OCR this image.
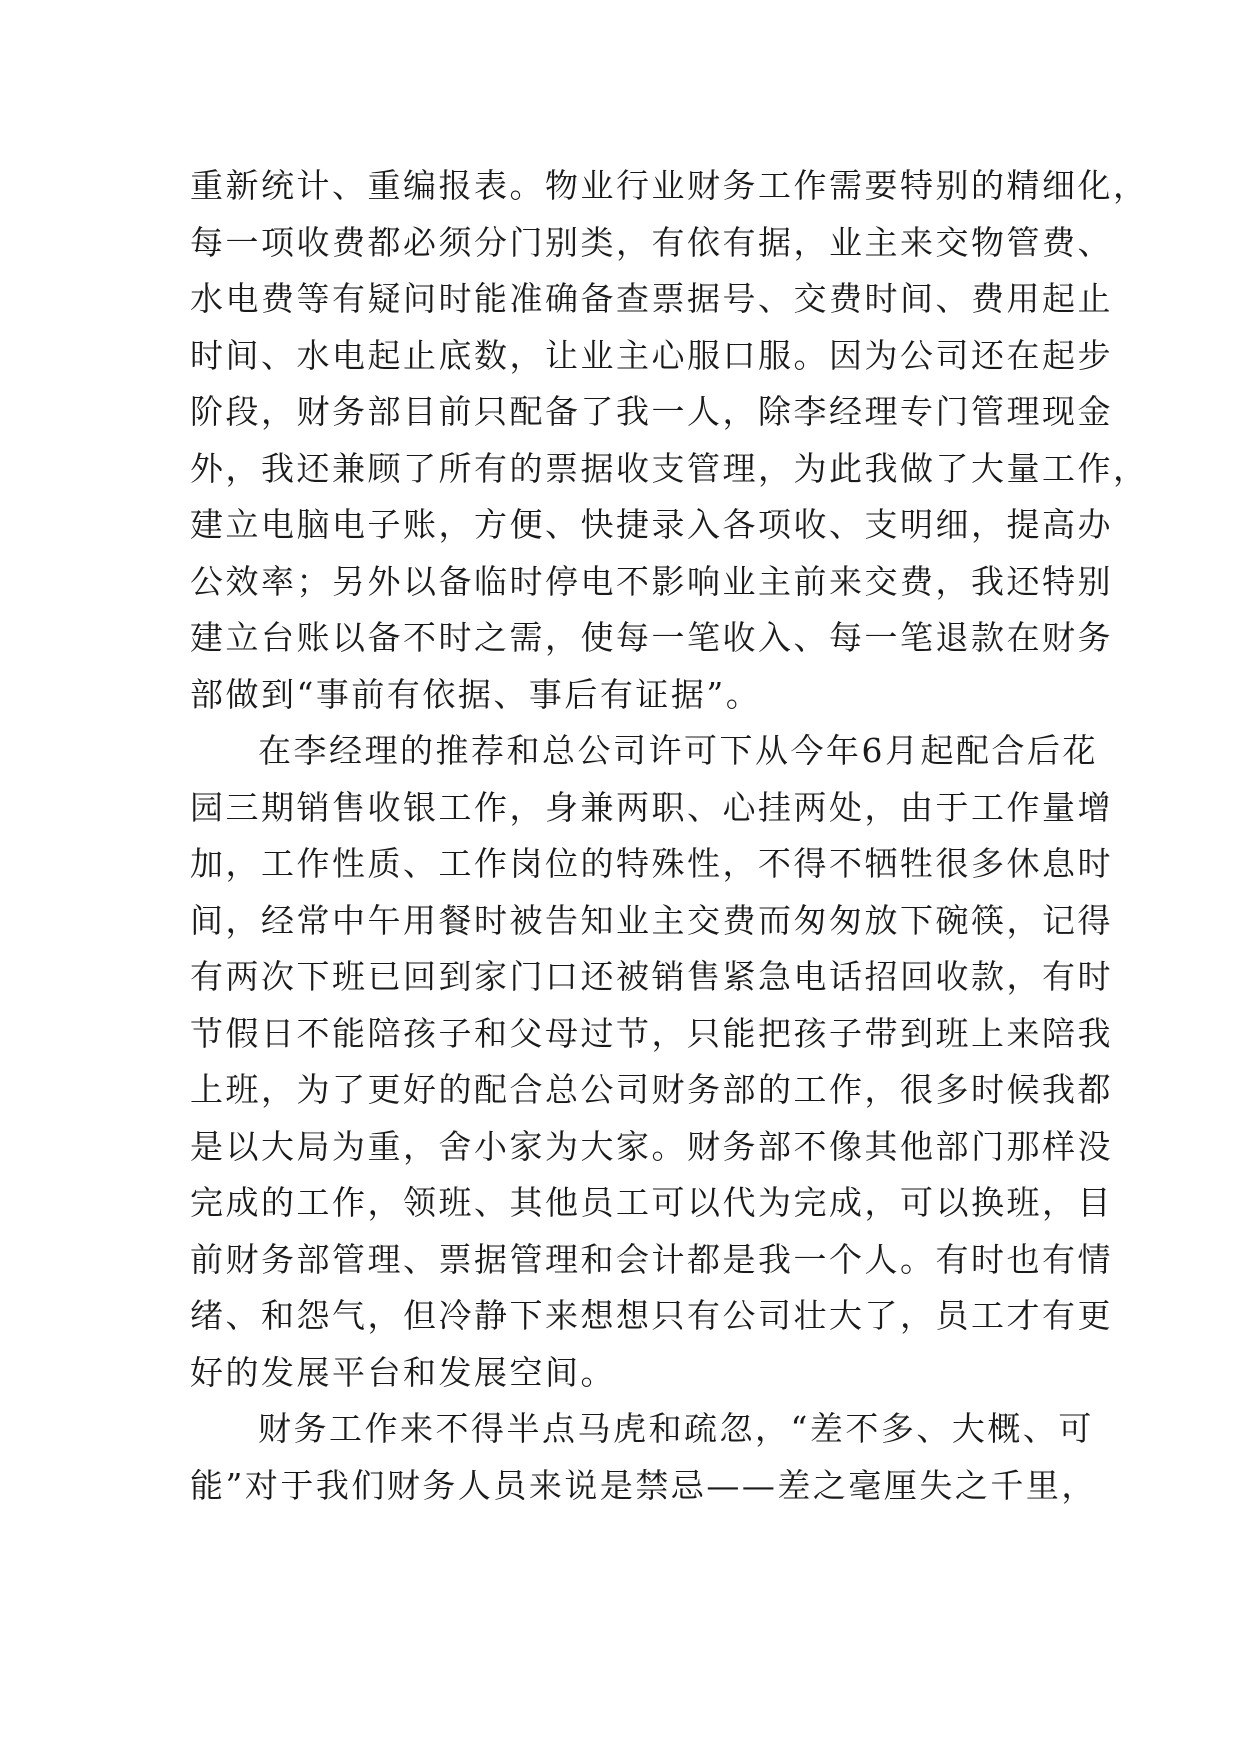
重新统计、重编报表。物业行业财务工作需要特别的精细化，
每一项收费都必须分门别类，有依有据，业主来交物管费、
水电费等有疑问时能准确备查票据号、交费时间、费用起止
时间、水电起止底数，让业主心服口服。因为公司还在起步
阶段，财务部目前只配备了我一人，除李经理专门管理现金
外，我还兼顾了所有的票据收支管理，为此我做了大量工作，
建立电脑电子账，方便、快捷录入各项收、支明细，提高办
公效率；另外以备临时停电不影响业主前来交费，我还特别
建立台账以备不时之需，使每一笔收入、每一笔退款在财务
部做到“事前有依据、事后有证据”。
在李经理的推荐和总公司许可下从今年6月起配合后花
园三期销售收银工作，身兼两职、心挂两处，由于工作量增
加，工作性质、工作岗位的特殊性，不得不牺牲很多休息时
间，经常中午用餐时被告知业主交费而匆匆放下碗筷，记得
有两次下班已回到家门口还被销售紧急电话招回收款，有时
节假日不能陪孩子和父母过节，只能把孩子带到班上来陪我
上班，为了更好的配合总公司财务部的工作，很多时候我都
是以大局为重，舍小家为大家。财务部不像其他部门那样没
完成的工作，领班、其他员工可以代为完成，可以换班，目
前财务部管理、票据管理和会计都是我一个人。有时也有情
绪、和怨气，但冷静下来想想只有公司壮大了，员工才有更
好的发展平台和发展空间。
财务工作来不得半点马虎和疏忽，“差不多、大概、可
能”对于我们财务人员来说是禁忌——差之毫厘失之千里，
